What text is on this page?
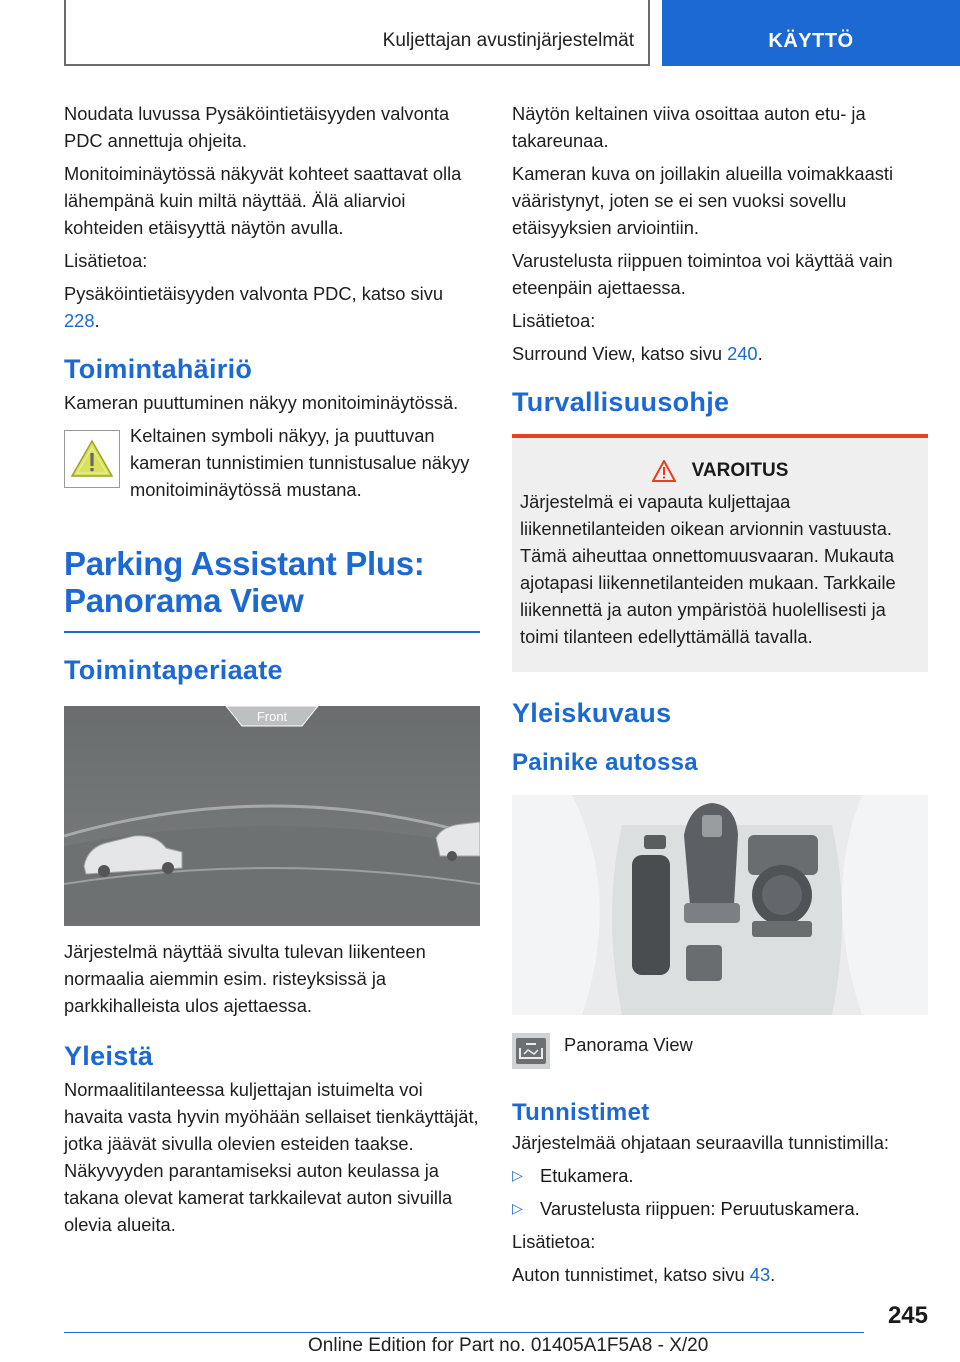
Kuljettajan avustinjärjestelmät	KÄYTTÖ

Noudata luvussa Pysäköintietäisyyden valvonta PDC annettuja ohjeita.

Monitoiminäytössä näkyvät kohteet saattavat olla lähempänä kuin miltä näyttää. Älä aliarvioi kohteiden etäisyyttä näytön avulla.

Lisätietoa:

Pysäköintietäisyyden valvonta PDC, katso sivu 228.

Toimintahäiriö

Kameran puuttuminen näkyy monitoiminäytössä.

Keltainen symboli näkyy, ja puuttuvan kameran tunnistimien tunnistusalue näkyy monitoiminäytössä mustana.
Parking Assistant Plus: Panorama View
Toimintaperiaate
Front

Järjestelmä näyttää sivulta tulevan liikenteen normaalia aiemmin esim. risteyksissä ja parkkihalleista ulos ajettaessa.

Yleistä

Normaalitilanteessa kuljettajan istuimelta voi havaita vasta hyvin myöhään sellaiset tienkäyttäjät, jotka jäävät sivulla olevien esteiden taakse. Näkyvyyden parantamiseksi auton keulassa ja takana olevat kamerat tarkkailevat auton sivuilla olevia alueita.

Näytön keltainen viiva osoittaa auton etu- ja takareunaa.

Kameran kuva on joillakin alueilla voimakkaasti vääristynyt, joten se ei sen vuoksi sovellu etäisyyksien arviointiin.

Varustelusta riippuen toimintoa voi käyttää vain eteenpäin ajettaessa.

Lisätietoa:

Surround View, katso sivu 240.

Turvallisuusohje
VAROITUS
Järjestelmä ei vapauta kuljettajaa liikennetilanteiden oikean arvionnin vastuusta. Tämä aiheuttaa onnettomuusvaaran. Mukauta ajotapasi liikennetilanteiden mukaan. Tarkkaile liikennettä ja auton ympäristöä huolellisesti ja toimi tilanteen edellyttämällä tavalla.
Yleiskuvaus
Painike autossa
Panorama View
Tunnistimet

Järjestelmää ohjataan seuraavilla tunnistimilla:

▷ Etukamera.
▷ Varustelusta riippuen: Peruutuskamera.

Lisätietoa:

Auton tunnistimet, katso sivu 43.

245
Online Edition for Part no. 01405A1F5A8 - X/20
